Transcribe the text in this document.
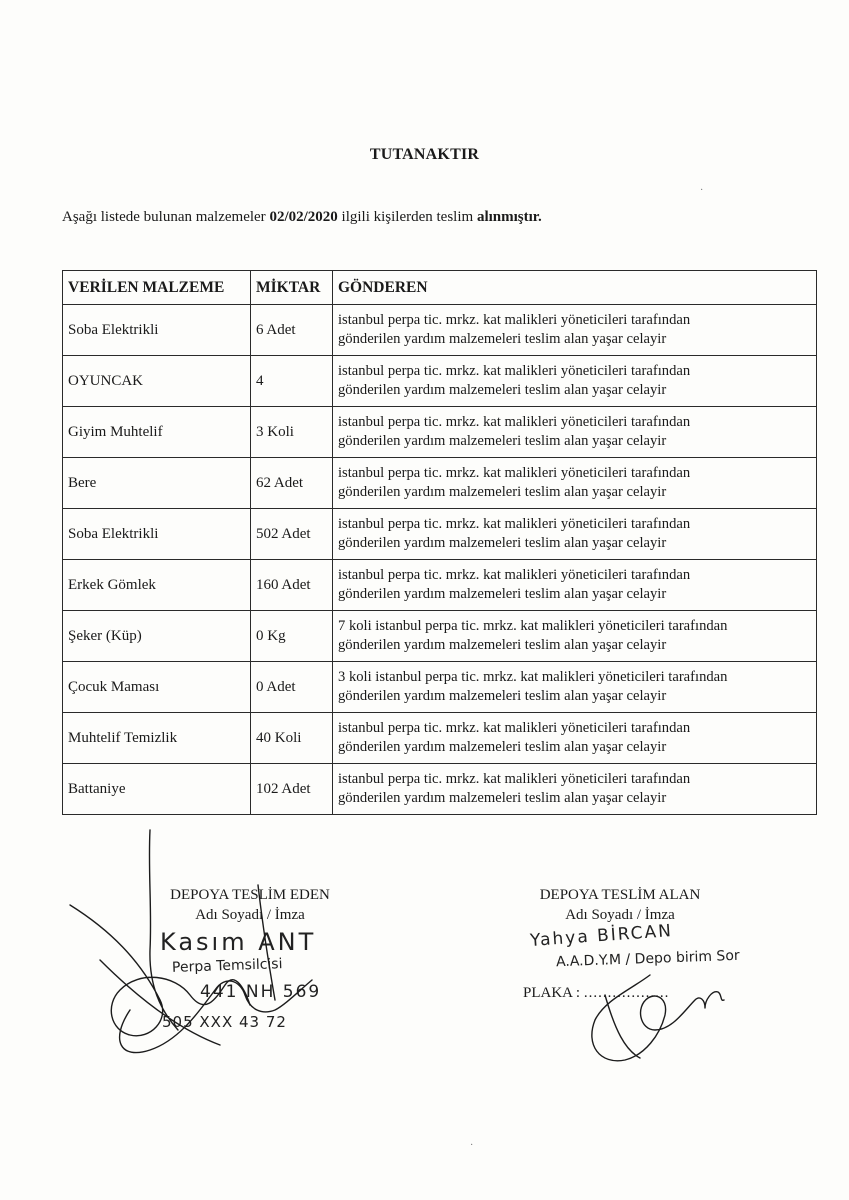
TUTANAKTIR
Aşağı listede bulunan malzemeler 02/02/2020 ilgili kişilerden teslim alınmıştır.
VERİLEN MALZEME	MİKTAR	GÖNDEREN
Soba Elektrikli	6 Adet	istanbul perpa tic. mrkz. kat malikleri yöneticileri tarafından
gönderilen yardım malzemeleri teslim alan yaşar celayir
OYUNCAK	4	istanbul perpa tic. mrkz. kat malikleri yöneticileri tarafından
gönderilen yardım malzemeleri teslim alan yaşar celayir
Giyim Muhtelif	3 Koli	istanbul perpa tic. mrkz. kat malikleri yöneticileri tarafından
gönderilen yardım malzemeleri teslim alan yaşar celayir
Bere	62 Adet	istanbul perpa tic. mrkz. kat malikleri yöneticileri tarafından
gönderilen yardım malzemeleri teslim alan yaşar celayir
Soba Elektrikli	502 Adet	istanbul perpa tic. mrkz. kat malikleri yöneticileri tarafından
gönderilen yardım malzemeleri teslim alan yaşar celayir
Erkek Gömlek	160 Adet	istanbul perpa tic. mrkz. kat malikleri yöneticileri tarafından
gönderilen yardım malzemeleri teslim alan yaşar celayir
Şeker (Küp)	0 Kg	7 koli istanbul perpa tic. mrkz. kat malikleri yöneticileri tarafından
gönderilen yardım malzemeleri teslim alan yaşar celayir
Çocuk Maması	0 Adet	3 koli istanbul perpa tic. mrkz. kat malikleri yöneticileri tarafından
gönderilen yardım malzemeleri teslim alan yaşar celayir
Muhtelif Temizlik	40 Koli	istanbul perpa tic. mrkz. kat malikleri yöneticileri tarafından
gönderilen yardım malzemeleri teslim alan yaşar celayir
Battaniye	102 Adet	istanbul perpa tic. mrkz. kat malikleri yöneticileri tarafından
gönderilen yardım malzemeleri teslim alan yaşar celayir
DEPOYA TESLİM EDEN
Adı Soyadı / İmza
Kasım ANT
Perpa Temsilcisi
441 NH 569
505 XXX 43 72
DEPOYA TESLİM ALAN
Adı Soyadı / İmza
Yahya BİRCAN
A.A.D.Y.M / Depo birim Sor
PLAKA : ..................
·
·
